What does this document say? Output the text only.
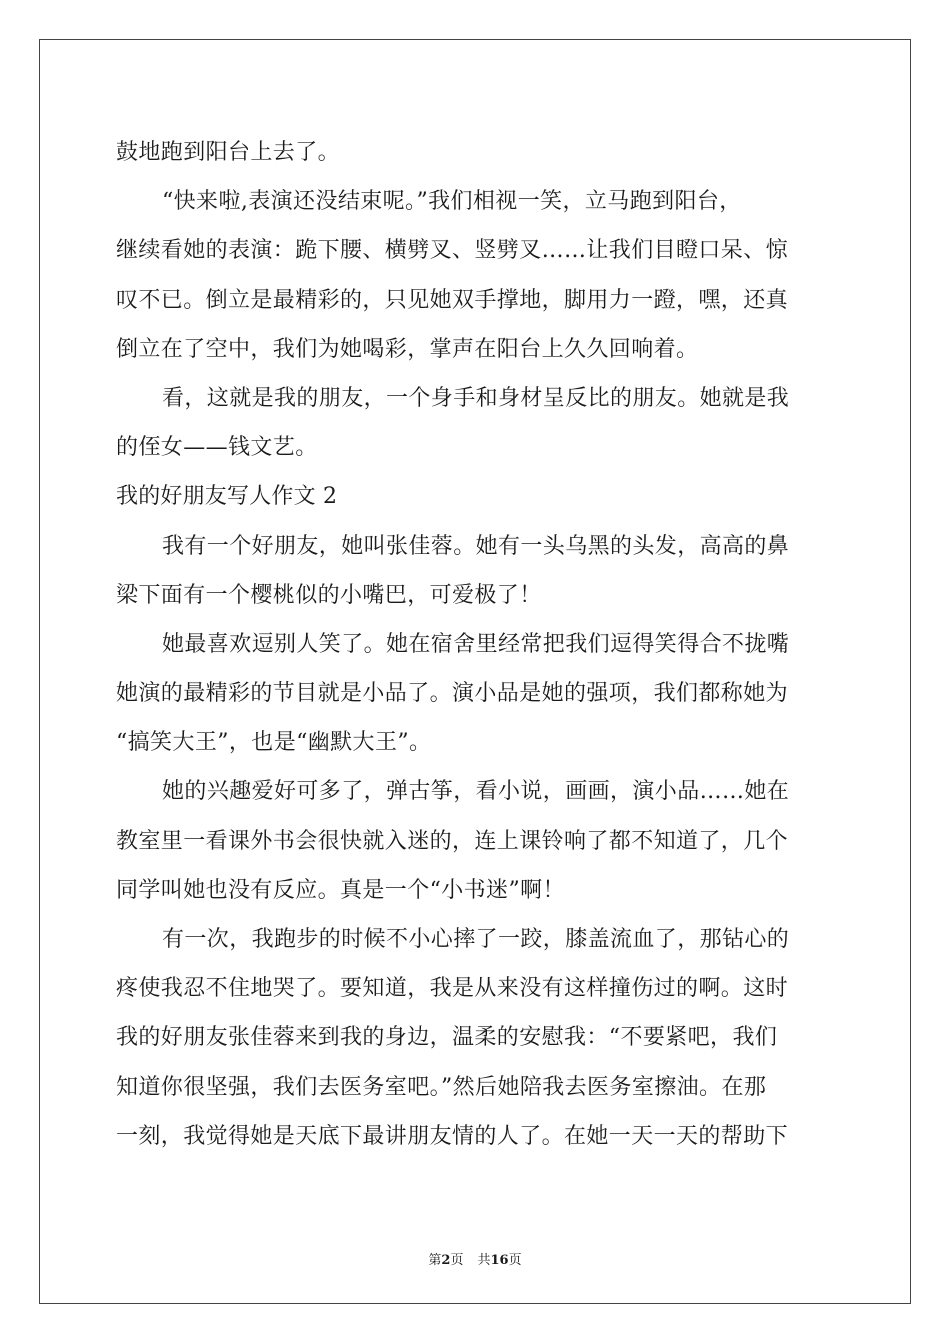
鼓地跑到阳台上去了。
“快来啦,表演还没结束呢。”我们相视一笑，立马跑到阳台，
继续看她的表演：跪下腰、横劈叉、竖劈叉……让我们目瞪口呆、惊
叹不已。倒立是最精彩的，只见她双手撑地，脚用力一蹬，嘿，还真
倒立在了空中，我们为她喝彩，掌声在阳台上久久回响着。
看，这就是我的朋友，一个身手和身材呈反比的朋友。她就是我
的侄女——钱文艺。
我的好朋友写人作文 2
我有一个好朋友，她叫张佳蓉。她有一头乌黑的头发，高高的鼻
梁下面有一个樱桃似的小嘴巴，可爱极了！
她最喜欢逗别人笑了。她在宿舍里经常把我们逗得笑得合不拢嘴
她演的最精彩的节目就是小品了。演小品是她的强项，我们都称她为
“搞笑大王”，也是“幽默大王”。
她的兴趣爱好可多了，弹古筝，看小说，画画，演小品……她在
教室里一看课外书会很快就入迷的，连上课铃响了都不知道了，几个
同学叫她也没有反应。真是一个“小书迷”啊！
有一次，我跑步的时候不小心摔了一跤，膝盖流血了，那钻心的
疼使我忍不住地哭了。要知道，我是从来没有这样撞伤过的啊。这时
我的好朋友张佳蓉来到我的身边，温柔的安慰我：“不要紧吧，我们
知道你很坚强，我们去医务室吧。”然后她陪我去医务室擦油。在那
一刻，我觉得她是天底下最讲朋友情的人了。在她一天一天的帮助下
第2页 共16页
